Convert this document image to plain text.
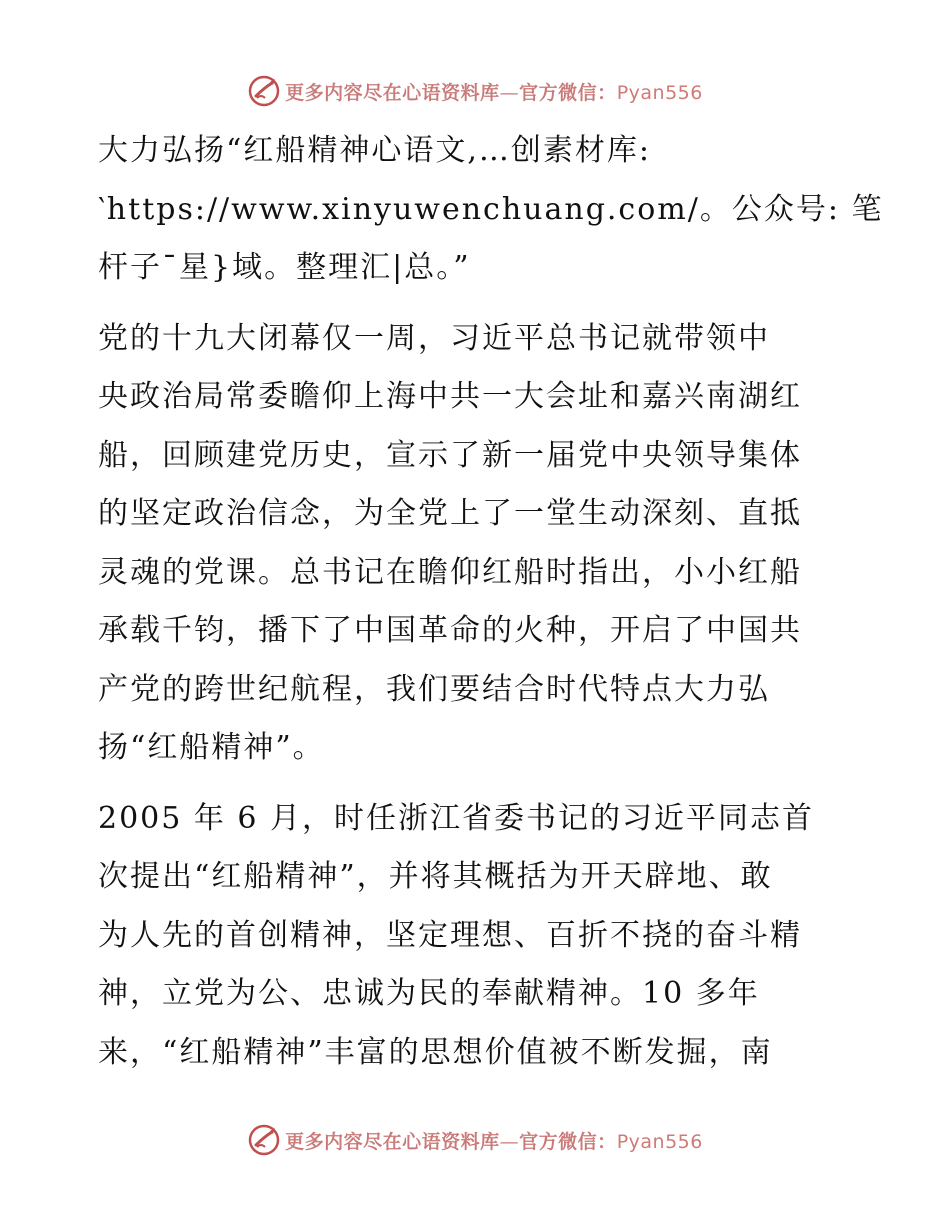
更多内容尽在心语资料库 — 官方微信： Pyan556

大力弘扬“红船精神心语文,…创素材库:
‵https://www.xinyuwenchuang.com/。公众号: 笔
杆子¯星}域。整理汇|总。”

党的十九大闭幕仅一周，习近平总书记就带领中
央政治局常委瞻仰上海中共一大会址和嘉兴南湖红
船，回顾建党历史，宣示了新一届党中央领导集体
的坚定政治信念，为全党上了一堂生动深刻、直抵
灵魂的党课。总书记在瞻仰红船时指出，小小红船
承载千钧，播下了中国革命的火种，开启了中国共
产党的跨世纪航程，我们要结合时代特点大力弘
扬“红船精神”。

2005 年 6 月，时任浙江省委书记的习近平同志首
次提出“红船精神”，并将其概括为开天辟地、敢
为人先的首创精神，坚定理想、百折不挠的奋斗精
神，立党为公、忠诚为民的奉献精神。10 多年
来，“红船精神”丰富的思想价值被不断发掘，南

更多内容尽在心语资料库 — 官方微信： Pyan556
